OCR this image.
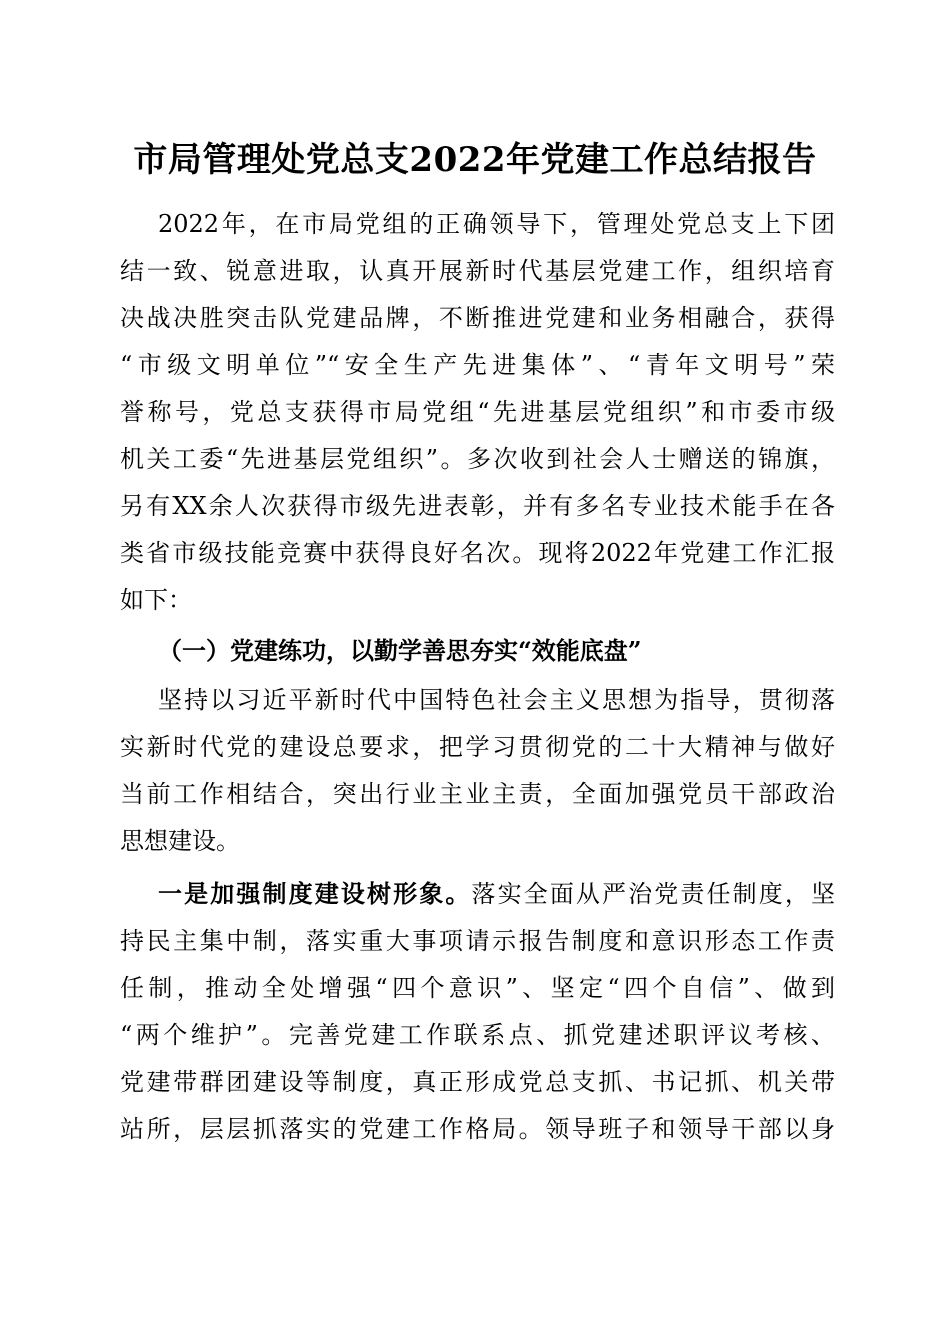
市局管理处党总支2022年党建工作总结报告
2022年，在市局党组的正确领导下，管理处党总支上下团
结一致、锐意进取，认真开展新时代基层党建工作，组织培育
决战决胜突击队党建品牌，不断推进党建和业务相融合，获得
“市级文明单位”“安全生产先进集体”、“青年文明号”荣
誉称号，党总支获得市局党组“先进基层党组织”和市委市级
机关工委“先进基层党组织”。多次收到社会人士赠送的锦旗，
另有XX余人次获得市级先进表彰，并有多名专业技术能手在各
类省市级技能竞赛中获得良好名次。现将2022年党建工作汇报
如下：
（一）党建练功，以勤学善思夯实“效能底盘”
坚持以习近平新时代中国特色社会主义思想为指导，贯彻落
实新时代党的建设总要求，把学习贯彻党的二十大精神与做好
当前工作相结合，突出行业主业主责，全面加强党员干部政治
思想建设。
一是加强制度建设树形象。落实全面从严治党责任制度，坚
持民主集中制，落实重大事项请示报告制度和意识形态工作责
任制，推动全处增强“四个意识”、坚定“四个自信”、做到
“两个维护”。完善党建工作联系点、抓党建述职评议考核、
党建带群团建设等制度，真正形成党总支抓、书记抓、机关带
站所，层层抓落实的党建工作格局。领导班子和领导干部以身
